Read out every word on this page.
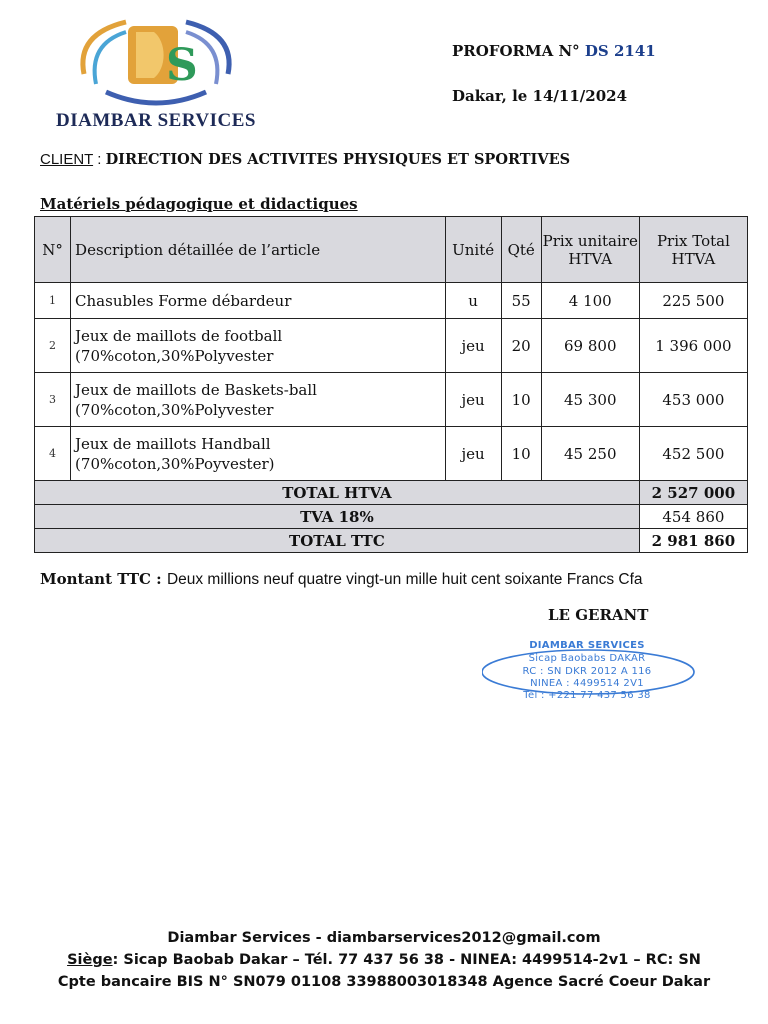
S
DIAMBAR SERVICES
PROFORMA N° DS 2141
Dakar, le 14/11/2024
CLIENT : DIRECTION DES ACTIVITES PHYSIQUES ET SPORTIVES
Matériels pédagogique et didactiques
N°	Description détaillée de l’article	Unité	Qté	Prix unitaire HTVA	Prix Total HTVA
1	Chasubles Forme débardeur	u	55	4 100	225 500
2	Jeux de maillots de football
(70%coton,30%Polyvester	jeu	20	69 800	1 396 000
3	Jeux de maillots de Baskets-ball
(70%coton,30%Polyvester	jeu	10	45 300	453 000
4	Jeux de maillots Handball
(70%coton,30%Poyvester)	jeu	10	45 250	452 500
TOTAL HTVA					2 527 000
TVA 18%					454 860
TOTAL TTC					2 981 860
Montant TTC : Deux millions neuf quatre vingt-un mille huit cent soixante Francs Cfa
LE GERANT
DIAMBAR SERVICES
Sicap Baobabs DAKAR
RC : SN DKR 2012 A 116
NINEA : 4499514 2V1
Tél : +221 77 437 56 38
Diambar Services - diambarservices2012@gmail.com
Siège: Sicap Baobab Dakar – Tél. 77 437 56 38 - NINEA: 4499514-2v1 – RC: SN
Cpte bancaire BIS N° SN079 01108 33988003018348 Agence Sacré Coeur Dakar
